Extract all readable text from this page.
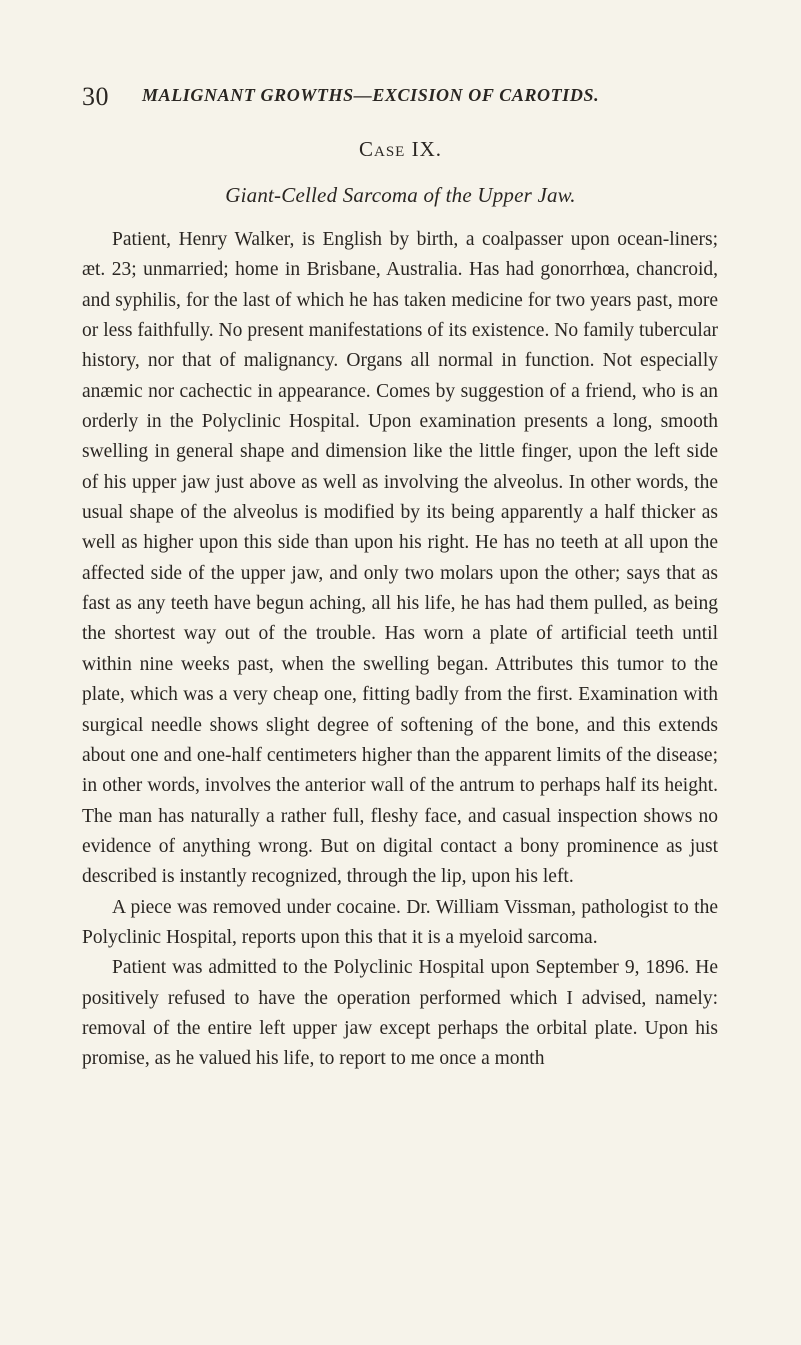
30 MALIGNANT GROWTHS—EXCISION OF CAROTIDS.
Case IX.
Giant-Celled Sarcoma of the Upper Jaw.

Patient, Henry Walker, is English by birth, a coalpasser upon ocean-liners; æt. 23; unmarried; home in Brisbane, Australia. Has had gonorrhœa, chancroid, and syphilis, for the last of which he has taken medicine for two years past, more or less faithfully. No present manifestations of its existence. No family tubercular history, nor that of malignancy. Organs all normal in function. Not especially anæmic nor cachectic in appearance. Comes by suggestion of a friend, who is an orderly in the Polyclinic Hospital. Upon examination presents a long, smooth swelling in general shape and dimension like the little finger, upon the left side of his upper jaw just above as well as involving the alveolus. In other words, the usual shape of the alveolus is modified by its being apparently a half thicker as well as higher upon this side than upon his right. He has no teeth at all upon the affected side of the upper jaw, and only two molars upon the other; says that as fast as any teeth have begun aching, all his life, he has had them pulled, as being the shortest way out of the trouble. Has worn a plate of artificial teeth until within nine weeks past, when the swelling began. Attributes this tumor to the plate, which was a very cheap one, fitting badly from the first. Examination with surgical needle shows slight degree of softening of the bone, and this extends about one and one-half centimeters higher than the apparent limits of the disease; in other words, involves the anterior wall of the antrum to perhaps half its height. The man has naturally a rather full, fleshy face, and casual inspection shows no evidence of anything wrong. But on digital contact a bony prominence as just described is instantly recognized, through the lip, upon his left.

A piece was removed under cocaine. Dr. William Vissman, pathologist to the Polyclinic Hospital, reports upon this that it is a myeloid sarcoma.

Patient was admitted to the Polyclinic Hospital upon September 9, 1896. He positively refused to have the operation performed which I advised, namely: removal of the entire left upper jaw except perhaps the orbital plate. Upon his promise, as he valued his life, to report to me once a month
